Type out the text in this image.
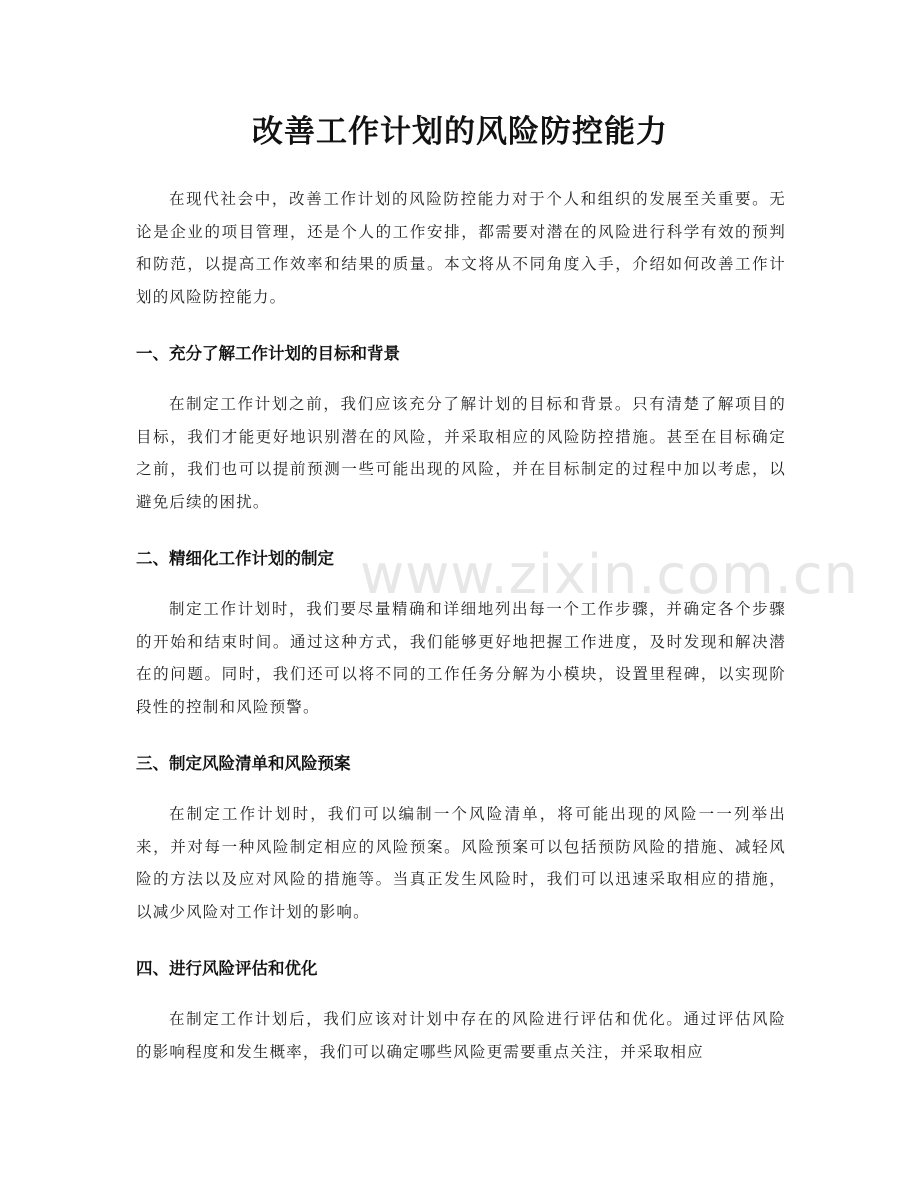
改善工作计划的风险防控能力

在现代社会中，改善工作计划的风险防控能力对于个人和组织的发展至关重要。无论是企业的项目管理，还是个人的工作安排，都需要对潜在的风险进行科学有效的预判和防范，以提高工作效率和结果的质量。本文将从不同角度入手，介绍如何改善工作计划的风险防控能力。

一、充分了解工作计划的目标和背景

在制定工作计划之前，我们应该充分了解计划的目标和背景。只有清楚了解项目的目标，我们才能更好地识别潜在的风险，并采取相应的风险防控措施。甚至在目标确定之前，我们也可以提前预测一些可能出现的风险，并在目标制定的过程中加以考虑，以避免后续的困扰。

二、精细化工作计划的制定

制定工作计划时，我们要尽量精确和详细地列出每一个工作步骤，并确定各个步骤的开始和结束时间。通过这种方式，我们能够更好地把握工作进度，及时发现和解决潜在的问题。同时，我们还可以将不同的工作任务分解为小模块，设置里程碑，以实现阶段性的控制和风险预警。

三、制定风险清单和风险预案

在制定工作计划时，我们可以编制一个风险清单，将可能出现的风险一一列举出来，并对每一种风险制定相应的风险预案。风险预案可以包括预防风险的措施、减轻风险的方法以及应对风险的措施等。当真正发生风险时，我们可以迅速采取相应的措施，以减少风险对工作计划的影响。

四、进行风险评估和优化

在制定工作计划后，我们应该对计划中存在的风险进行评估和优化。通过评估风险的影响程度和发生概率，我们可以确定哪些风险更需要重点关注，并采取相应

www.zixin.com.cn
